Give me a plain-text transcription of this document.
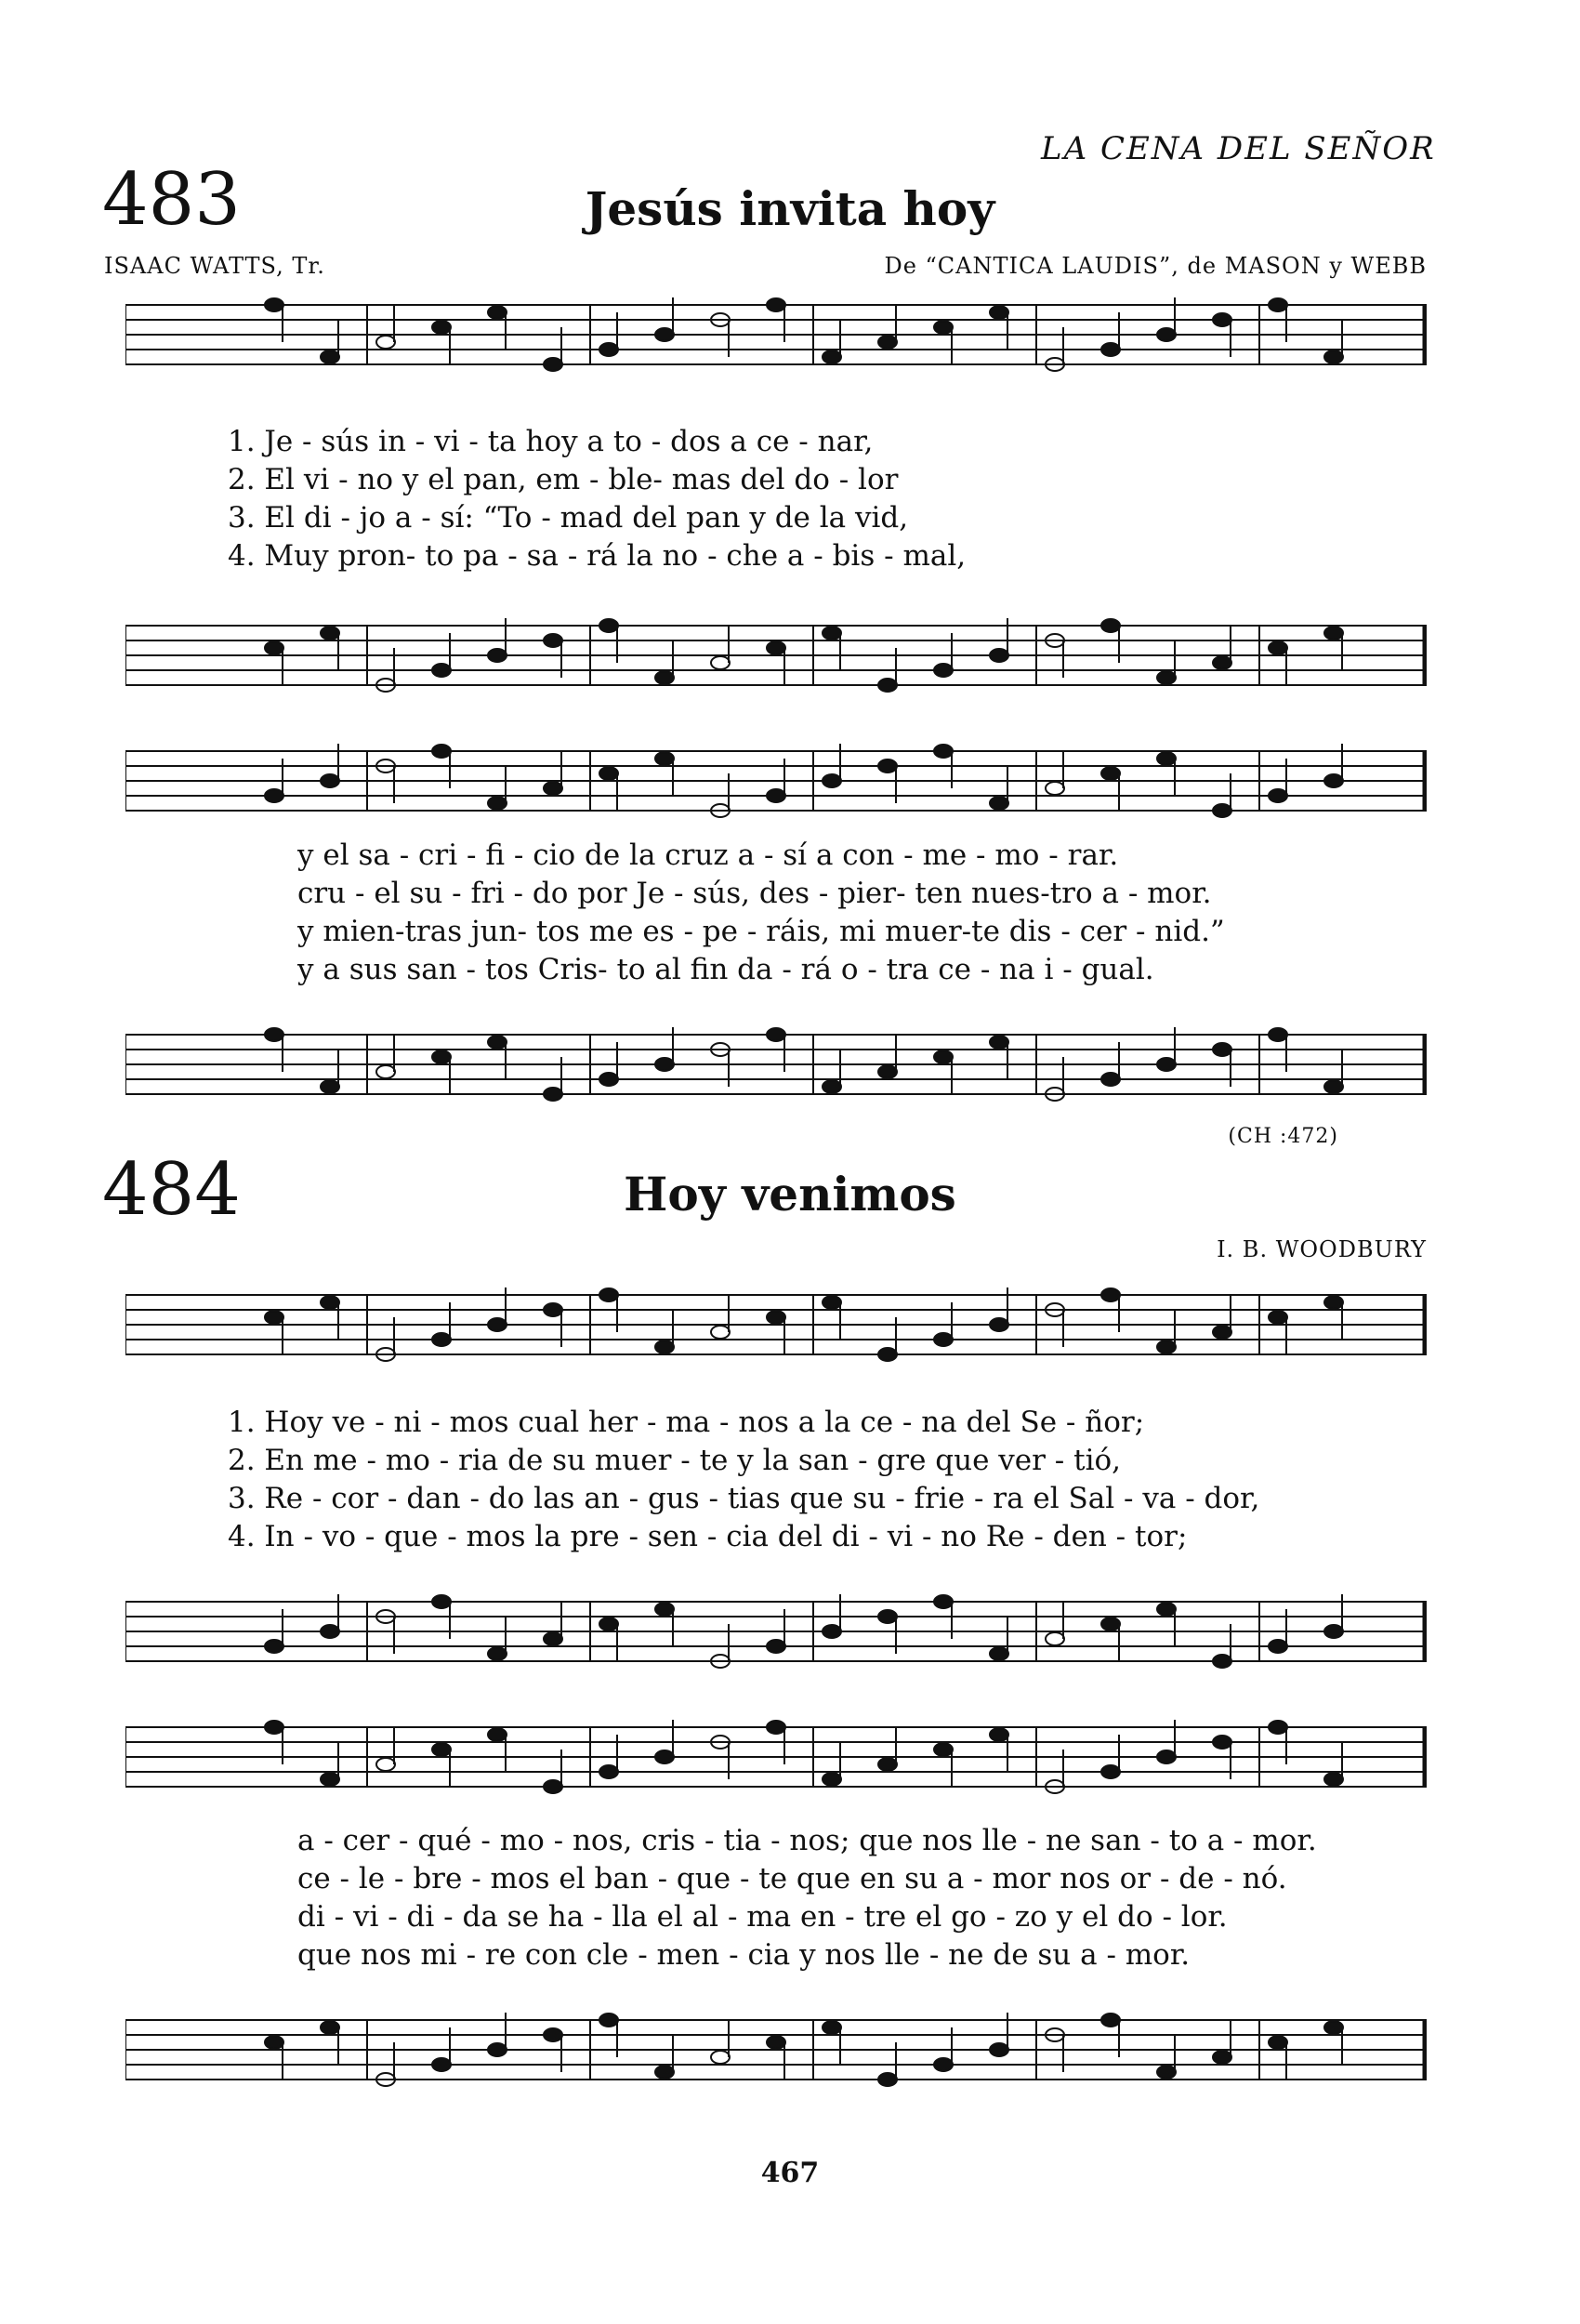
LA CENA DEL SEÑOR
483	Jesús invita hoy
ISAAC WATTS, Tr.	De “CANTICA LAUDIS”, de MASON y WEBB
1. Je - sús in - vi - ta hoy a to - dos a ce - nar,
2. El vi - no y el pan, em - ble- mas del do - lor
3. El di - jo a - sí: “To - mad del pan y de la vid,
4. Muy pron- to pa - sa - rá la no - che a - bis - mal,
y el sa - cri - fi - cio de la cruz a - sí a con - me - mo - rar.
cru - el su - fri - do por Je - sús, des - pier- ten nues-tro a - mor.
y mien-tras jun- tos me es - pe - ráis, mi muer-te dis - cer - nid.”
y a sus san - tos Cris- to al fin da - rá o - tra ce - na i - gual.
(CH :472)
484	Hoy venimos
I. B. WOODBURY
1. Hoy ve - ni - mos cual her - ma - nos a la ce - na del Se - ñor;
2. En me - mo - ria de su muer - te y la san - gre que ver - tió,
3. Re - cor - dan - do las an - gus - tias que su - frie - ra el Sal - va - dor,
4. In - vo - que - mos la pre - sen - cia del di - vi - no Re - den - tor;
a - cer - qué - mo - nos, cris - tia - nos; que nos lle - ne san - to a - mor.
ce - le - bre - mos el ban - que - te que en su a - mor nos or - de - nó.
di - vi - di - da se ha - lla el al - ma en - tre el go - zo y el do - lor.
que nos mi - re con cle - men - cia y nos lle - ne de su a - mor.
467
